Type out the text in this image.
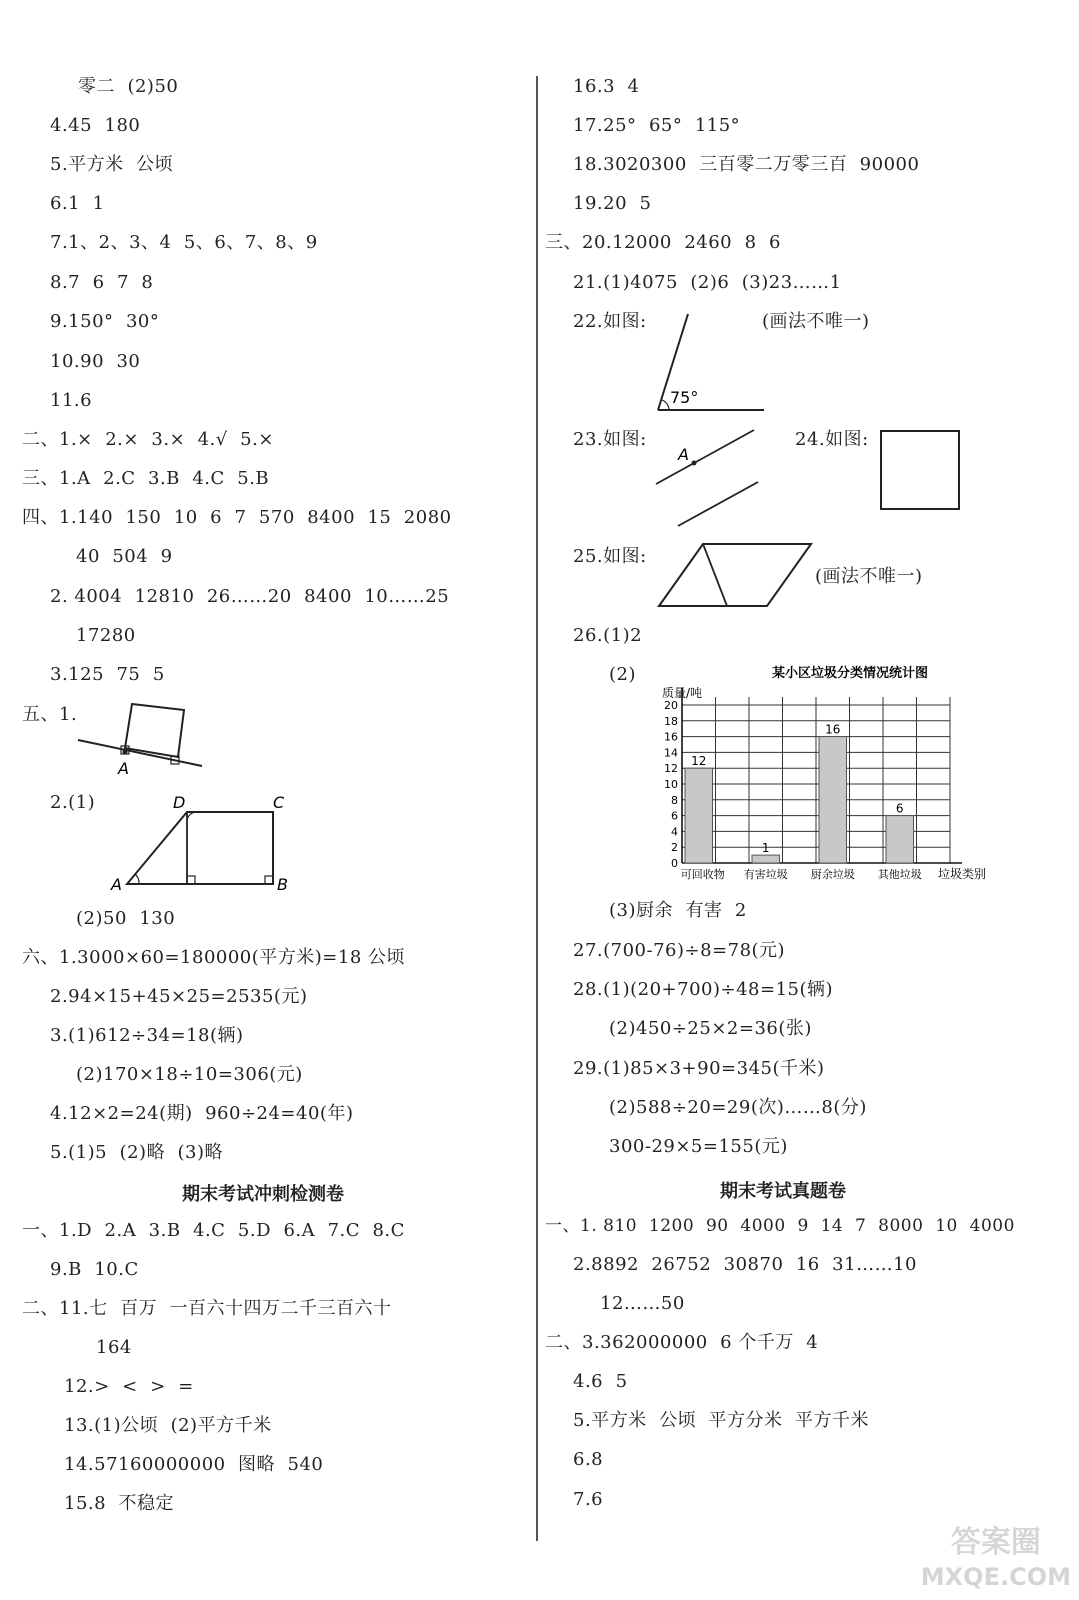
零二  (2)50
4.45  180
5.平方米  公顷
6.1  1
7.1、2、3、4  5、6、7、8、9
8.7  6  7  8
9.150°  30°
10.90  30
11.6
二、1.×  2.×  3.×  4.√  5.×
三、1.A  2.C  3.B  4.C  5.B
四、1.140  150  10  6  7  570  8400  15  2080
40  504  9
2. 4004  12810  26……20  8400  10……25
17280
3.125  75  5
五、1.
A
2.(1)
A	B
C
D
(2)50  130
六、1.3000×60=180000(平方米)=18 公顷
2.94×15+45×25=2535(元)
3.(1)612÷34=18(辆)
(2)170×18÷10=306(元)
4.12×2=24(期)  960÷24=40(年)
5.(1)5  (2)略  (3)略
期末考试冲刺检测卷
一、1.D  2.A  3.B  4.C  5.D  6.A  7.C  8.C
9.B  10.C
二、11.七  百万  一百六十四万二千三百六十
164
12.>  <  >  =
13.(1)公顷  (2)平方千米
14.57160000000  图略  540
15.8  不稳定
16.3  4
17.25°  65°  115°
18.3020300  三百零二万零三百  90000
19.20  5
三、20.12000  2460  8  6
21.(1)4075  (2)6  (3)23……1
22.如图:	(画法不唯一)
75°
23.如图:
A
24.如图:
25.如图:
(画法不唯一)
26.(1)2
(2)	某小区垃圾分类情况统计图
质量/吨
垃圾类别
0
2
4
6
8
10
12
14
16
18
20
12
可回收物
1
有害垃圾
16
厨余垃圾
6
其他垃圾
(3)厨余  有害  2
27.(700-76)÷8=78(元)
28.(1)(20+700)÷48=15(辆)
(2)450÷25×2=36(张)
29.(1)85×3+90=345(千米)
(2)588÷20=29(次)……8(分)
300-29×5=155(元)
期末考试真题卷
一、1. 810  1200  90  4000  9  14  7  8000  10  4000
2.8892  26752  30870  16  31……10
12……50
二、3.362000000  6 个千万  4
4.6  5
5.平方米  公顷  平方分米  平方千米
6.8
7.6
答案圈
MXQE.COM
